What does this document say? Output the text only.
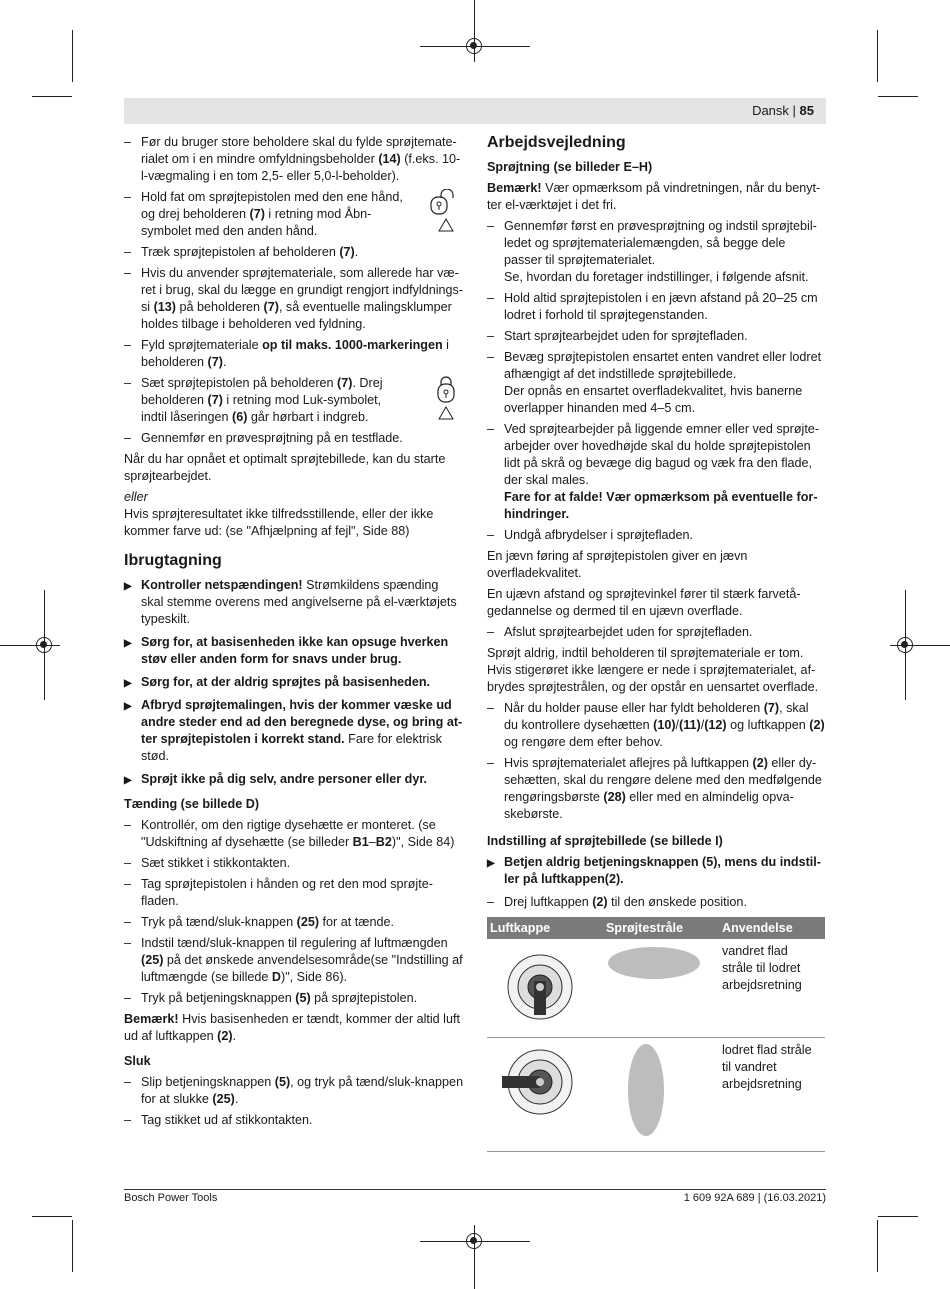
Dansk | 85
– Før du bruger store beholdere skal du fylde sprøjtematerialet om i en mindre omfyldningsbeholder (14) (f.eks. 10-l-vægmaling i en tom 2,5- eller 5,0-l-beholder).
– Hold fat om sprøjtepistolen med den ene hånd, og drej beholderen (7) i retning mod Åbn-symbolet med den anden hånd.
– Træk sprøjtepistolen af beholderen (7).
– Hvis du anvender sprøjtemateriale, som allerede har været i brug, skal du lægge en grundigt rengjort indfyldningssi (13) på beholderen (7), så eventuelle malingsklumper holdes tilbage i beholderen ved fyldning.
– Fyld sprøjtemateriale op til maks. 1000-markeringen i beholderen (7).
– Sæt sprøjtepistolen på beholderen (7). Drej beholderen (7) i retning mod Luk-symbolet, indtil låseringen (6) går hørbart i indgreb.
– Gennemfør en prøvesprøjtning på en testflade.

Når du har opnået et optimalt sprøjtebillede, kan du starte sprøjtearbejdet.

eller

Hvis sprøjteresultatet ikke tilfredsstillende, eller der ikke kommer farve ud: (se "Afhjælpning af fejl", Side 88)

Ibrugtagning
▶ Kontroller netspændingen! Strømkildens spænding skal stemme overens med angivelserne på el-værktøjets typeskilt.
▶ Sørg for, at basisenheden ikke kan opsuge hverken støv eller anden form for snavs under brug.
▶ Sørg for, at der aldrig sprøjtes på basisenheden.
▶ Afbryd sprøjtemalingen, hvis der kommer væske ud andre steder end ad den beregnede dyse, og bring atter sprøjtepistolen i korrekt stand. Fare for elektrisk stød.
▶ Sprøjt ikke på dig selv, andre personer eller dyr.
Tænding (se billede D)
– Kontrollér, om den rigtige dysehætte er monteret. (se "Udskiftning af dysehætte (se billeder B1–B2)", Side 84)
– Sæt stikket i stikkontakten.
– Tag sprøjtepistolen i hånden og ret den mod sprøjtefladen.
– Tryk på tænd/sluk-knappen (25) for at tænde.
– Indstil tænd/sluk-knappen til regulering af luftmængden (25) på det ønskede anvendelsesområde(se "Indstilling af luftmængde (se billede D)", Side 86).
– Tryk på betjeningsknappen (5) på sprøjtepistolen.

Bemærk! Hvis basisenheden er tændt, kommer der altid luft ud af luftkappen (2).

Sluk
– Slip betjeningsknappen (5), og tryk på tænd/sluk-knappen for at slukke (25).
– Tag stikket ud af stikkontakten.
Arbejdsvejledning
Sprøjtning (se billeder E–H)

Bemærk! Vær opmærksom på vindretningen, når du benytter el-værktøjet i det fri.

– Gennemfør først en prøvesprøjtning og indstil sprøjtebilledet og sprøjtematerialemængden, så begge dele passer til sprøjtematerialet.
Se, hvordan du foretager indstillinger, i følgende afsnit.
– Hold altid sprøjtepistolen i en jævn afstand på 20–25 cm lodret i forhold til sprøjtegenstanden.
– Start sprøjtearbejdet uden for sprøjtefladen.
– Bevæg sprøjtepistolen ensartet enten vandret eller lodret afhængigt af det indstillede sprøjtebillede.
Der opnås en ensartet overfladekvalitet, hvis banerne overlapper hinanden med 4–5 cm.
– Ved sprøjtearbejder på liggende emner eller ved sprøjtearbejder over hovedhøjde skal du holde sprøjtepistolen lidt på skrå og bevæge dig bagud og væk fra den flade, der skal males.
Fare for at falde! Vær opmærksom på eventuelle forhindringer.
– Undgå afbrydelser i sprøjtefladen.

En jævn føring af sprøjtepistolen giver en jævn overfladekvalitet.

En ujævn afstand og sprøjtevinkel fører til stærk farvetågedannelse og dermed til en ujævn overflade.

– Afslut sprøjtearbejdet uden for sprøjtefladen.

Sprøjt aldrig, indtil beholderen til sprøjtemateriale er tom. Hvis stigerøret ikke længere er nede i sprøjtematerialet, afbrydes sprøjtestrålen, og der opstår en uensartet overflade.

– Når du holder pause eller har fyldt beholderen (7), skal du kontrollere dysehætten (10)/(11)/(12) og luftkappen (2) og rengøre dem efter behov.
– Hvis sprøjtematerialet aflejres på luftkappen (2) eller dysehætten, skal du rengøre delene med den medfølgende rengøringsbørste (28) eller med en almindelig opvaskebørste.
Indstilling af sprøjtebillede (se billede I)
▶ Betjen aldrig betjeningsknappen (5), mens du indstiller på luftkappen(2).
– Drej luftkappen (2) til den ønskede position.
Luftkappe	Sprøjtestråle	Anvendelse
		vandret flad stråle til lodret arbejdsretning
		lodret flad stråle til vandret arbejdsretning
Bosch Power Tools	1 609 92A 689 | (16.03.2021)
